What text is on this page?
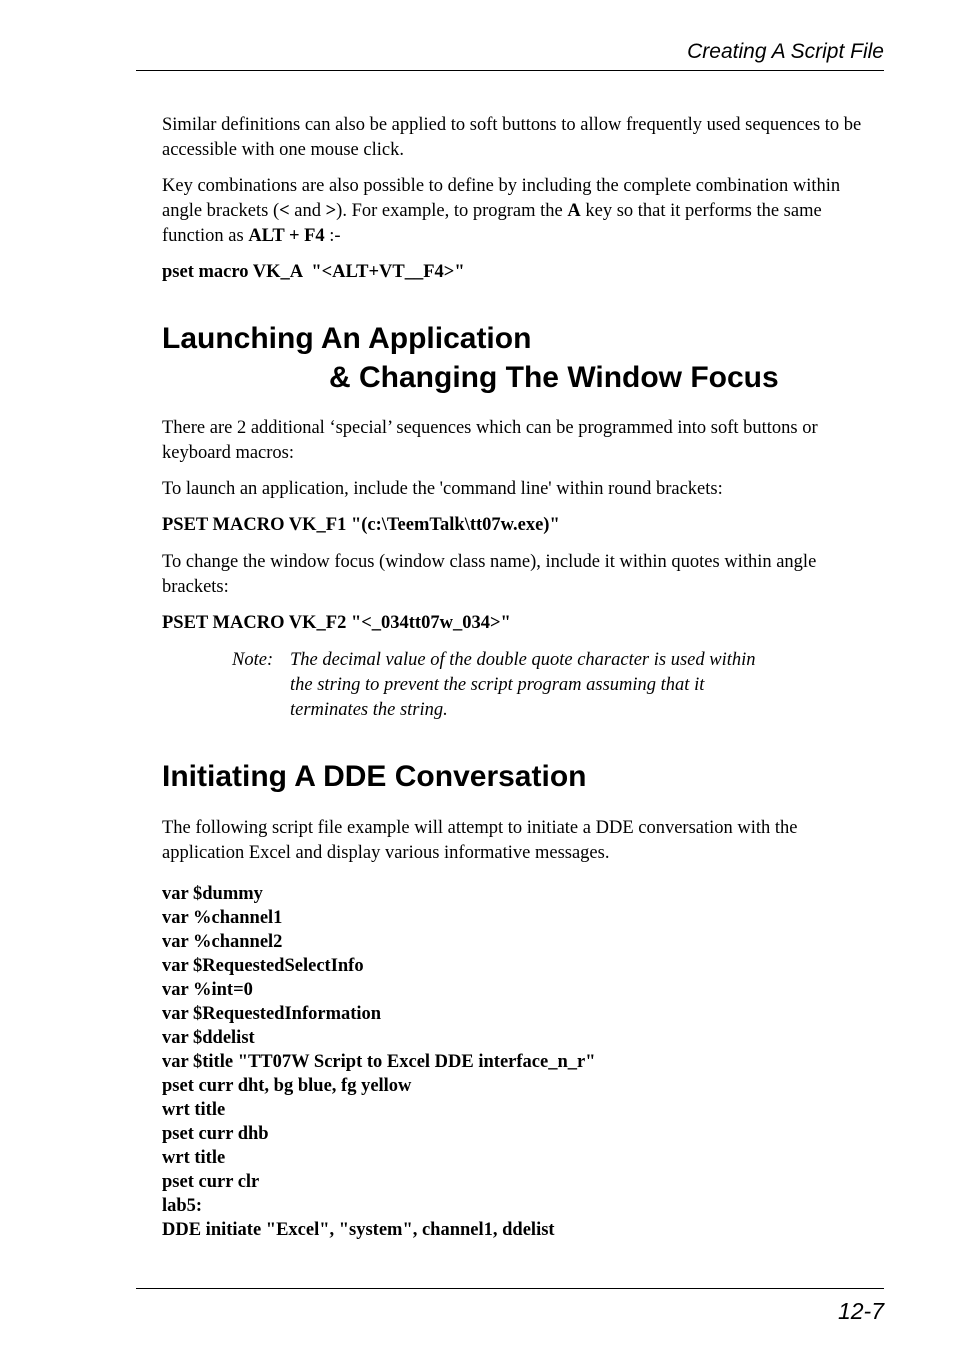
Creating A Script File

Similar definitions can also be applied to soft buttons to allow frequently used sequences to be accessible with one mouse click.

Key combinations are also possible to define by including the complete combination within angle brackets (< and >). For example, to program the A key so that it performs the same function as ALT + F4 :-

pset macro VK_A  "<ALT+VT__F4>"
Launching An Application
& Changing The Window Focus

There are 2 additional ‘special’ sequences which can be programmed into soft buttons or keyboard macros:

To launch an application, include the 'command line' within round brackets:

PSET MACRO VK_F1 "(c:\TeemTalk\tt07w.exe)"

To change the window focus (window class name), include it within quotes within angle brackets:

PSET MACRO VK_F2 "<_034tt07w_034>"
Note: The decimal value of the double quote character is used within the string to prevent the script program assuming that it terminates the string.
Initiating A DDE Conversation

The following script file example will attempt to initiate a DDE conversation with the application Excel and display various informative messages.

var $dummy
var %channel1
var %channel2
var $RequestedSelectInfo
var %int=0
var $RequestedInformation
var $ddelist
var $title "TT07W Script to Excel DDE interface_n_r"
pset curr dht, bg blue, fg yellow
wrt title
pset curr dhb
wrt title
pset curr clr
lab5:
DDE initiate "Excel", "system", channel1, ddelist
12-7
